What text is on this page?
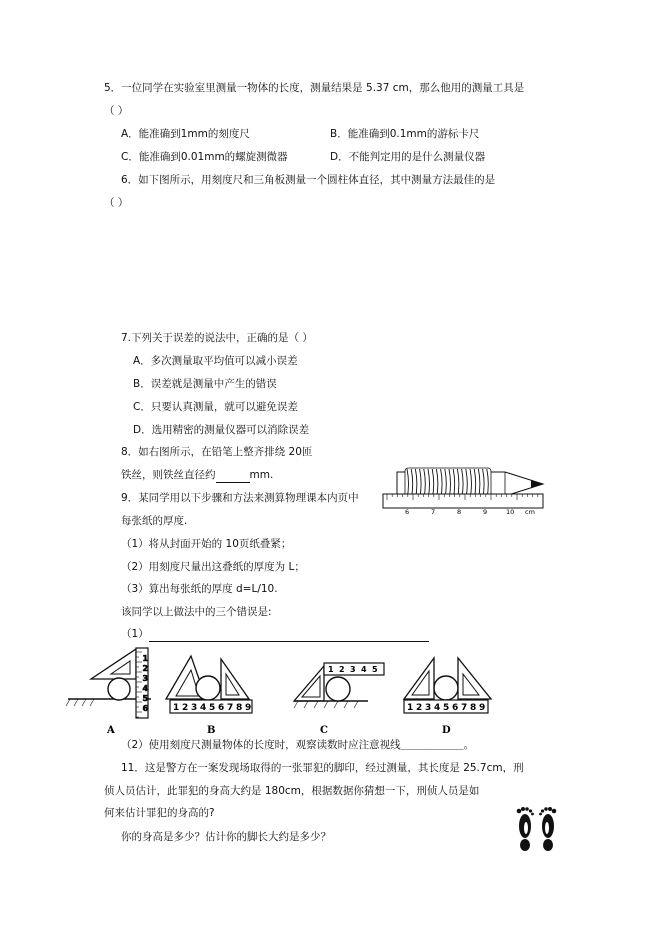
5．一位同学在实验室里测量一物体的长度，测量结果是 5.37 cm，那么他用的测量工具是
（ ）
A．能准确到1mm的刻度尺	B．能准确到0.1mm的游标卡尺
C．能准确到0.01mm的螺旋测微器	D．不能判定用的是什么测量仪器
6．如下图所示，用刻度尺和三角板测量一个圆柱体直径，其中测量方法最佳的是
（ ）
7.下列关于误差的说法中，正确的是（ ）
A．多次测量取平均值可以减小误差
B．误差就是测量中产生的错误
C．只要认真测量，就可以避免误差
D．选用精密的测量仪器可以消除误差
8．如右图所示，在铅笔上整齐排绕 20匝
铁丝，则铁丝直径约	mm.
6	7	8	9	10 cm
9．某同学用以下步骤和方法来测算物理课本内页中
每张纸的厚度.
（1）将从封面开始的 10页纸叠紧；
（2）用刻度尺量出这叠纸的厚度为 L；
（3）算出每张纸的厚度 d=L/10.
该同学以上做法中的三个错误是:
（1）
1
2
3
4
5
6
A
1 2 3 4 5 6 7 8 9
B
1 2 3 4 5
C
1 2 3 4 5 6 7 8 9
D
（2）使用刻度尺测量物体的长度时，观察读数时应注意视线＿＿＿＿＿＿。
11．这是警方在一案发现场取得的一张罪犯的脚印，经过测量，其长度是 25.7cm，刑
侦人员估计，此罪犯的身高大约是 180cm，根据数据你猜想一下，刑侦人员是如
何来估计罪犯的身高的?
你的身高是多少？估计你的脚长大约是多少？
